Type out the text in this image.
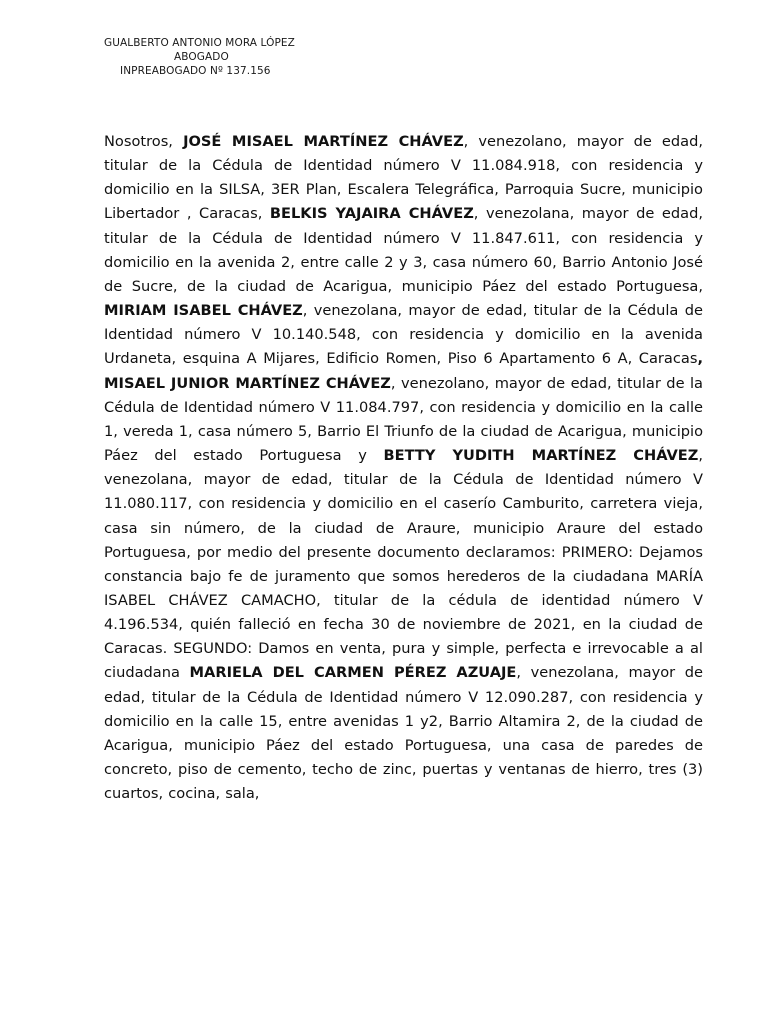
GUALBERTO ANTONIO MORA LÓPEZ
ABOGADO
INPREABOGADO Nº 137.156
Nosotros, JOSÉ MISAEL MARTÍNEZ CHÁVEZ, venezolano, mayor de edad, titular de la Cédula de Identidad número V 11.084.918, con residencia y domicilio en la SILSA, 3ER Plan, Escalera Telegráfica, Parroquia Sucre, municipio Libertador , Caracas, BELKIS YAJAIRA CHÁVEZ, venezolana, mayor de edad, titular de la Cédula de Identidad número V 11.847.611, con residencia y domicilio en la avenida 2, entre calle 2 y 3, casa número 60, Barrio Antonio José de Sucre, de la ciudad de Acarigua, municipio Páez del estado Portuguesa, MIRIAM ISABEL CHÁVEZ, venezolana, mayor de edad, titular de la Cédula de Identidad número V 10.140.548, con residencia y domicilio en la avenida Urdaneta, esquina A Mijares, Edificio Romen, Piso 6 Apartamento 6 A, Caracas, MISAEL JUNIOR MARTÍNEZ CHÁVEZ, venezolano, mayor de edad, titular de la Cédula de Identidad número V 11.084.797, con residencia y domicilio en la calle 1, vereda 1, casa número 5, Barrio El Triunfo de la ciudad de Acarigua, municipio Páez del estado Portuguesa y BETTY YUDITH MARTÍNEZ CHÁVEZ, venezolana, mayor de edad, titular de la Cédula de Identidad número V 11.080.117, con residencia y domicilio en el caserío Camburito, carretera vieja, casa sin número, de la ciudad de Araure, municipio Araure del estado Portuguesa, por medio del presente documento declaramos: PRIMERO: Dejamos constancia bajo fe de juramento que somos herederos de la ciudadana MARÍA ISABEL CHÁVEZ CAMACHO, titular de la cédula de identidad número V 4.196.534, quién falleció en fecha 30 de noviembre de 2021, en la ciudad de Caracas. SEGUNDO: Damos en venta, pura y simple, perfecta e irrevocable a al ciudadana MARIELA DEL CARMEN PÉREZ AZUAJE, venezolana, mayor de edad, titular de la Cédula de Identidad número V 12.090.287, con residencia y domicilio en la calle 15, entre avenidas 1 y2, Barrio Altamira 2, de la ciudad de Acarigua, municipio Páez del estado Portuguesa, una casa de paredes de concreto, piso de cemento, techo de zinc, puertas y ventanas de hierro, tres (3) cuartos, cocina, sala,
